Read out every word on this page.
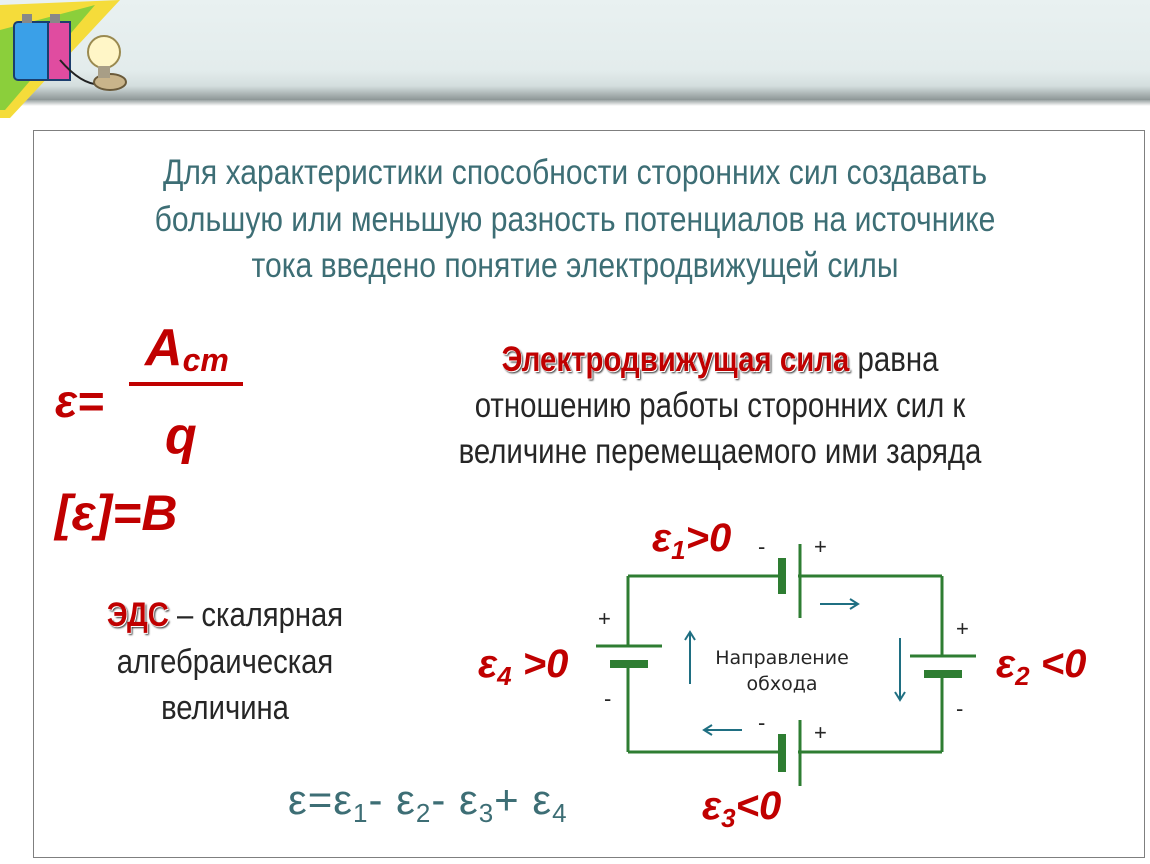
Для характеристики способности сторонних сил создавать
большую или меньшую разность потенциалов на источнике
тока введено понятие электродвижущей силы
ε=
$A_{cm}$
q
[ε]=В
Электродвижущая сила равна
отношению работы сторонних сил к
величине перемещаемого ими заряда
ЭДС – скалярная
алгебраическая
величина
$\varepsilon=\varepsilon_1-$ $\varepsilon_2-$ $\varepsilon_3+ \varepsilon_4$
- +
+
-
+
-
- +
Направление
обхода
$\varepsilon_1>0$
$\varepsilon_2 <0$
$\varepsilon_3<0$
$\varepsilon_4 >0$
